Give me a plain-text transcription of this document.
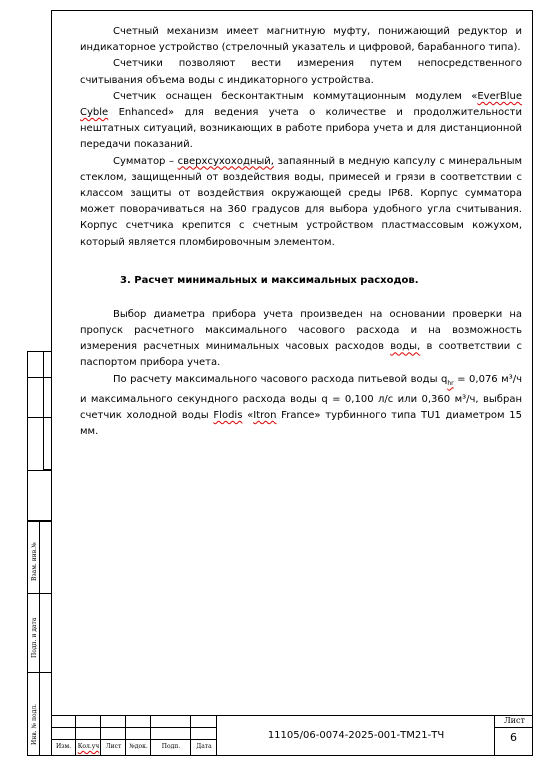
Счетный механизм имеет магнитную муфту, понижающий редуктор и индикаторное устройство (стрелочный указатель и цифровой, барабанного типа).

Счетчики позволяют вести измерения путем непосредственного считывания объема воды с индикаторного устройства.

Счетчик оснащен бесконтактным коммутационным модулем «EverBlue Cyble Enhanced» для ведения учета о количестве и продолжительности нештатных ситуаций, возникающих в работе прибора учета и для дистанционной передачи показаний.

Сумматор – сверхсухоходный, запаянный в медную капсулу с минеральным стеклом, защищенный от воздействия воды, примесей и грязи в соответствии с классом защиты от воздействия окружающей среды IP68. Корпус сумматора может поворачиваться на 360 градусов для выбора удобного угла считывания. Корпус счетчика крепится с счетным устройством пластмассовым кожухом, который является пломбировочным элементом.

3. Расчет минимальных и максимальных расходов.

Выбор диаметра прибора учета произведен на основании проверки на пропуск расчетного максимального часового расхода и на возможность измерения расчетных минимальных часовых расходов воды, в соответствии с паспортом прибора учета.

По расчету максимального часового расхода питьевой воды $q_{hr} = 0,076$ м³/ч и максимального секундного расхода воды q = 0,100 л/с или 0,360 м³/ч, выбран счетчик холодной воды Flodis «Itron France» турбинного типа ТU1 диаметром 15 мм.

Взам. инв.№
Подп. и дата
Инв. № подл.
Изм.	Кол.уч	Лист	№док.	Подп.	Дата
11105/06-0074-2025-001-ТМ21-ТЧ
Лист
6
